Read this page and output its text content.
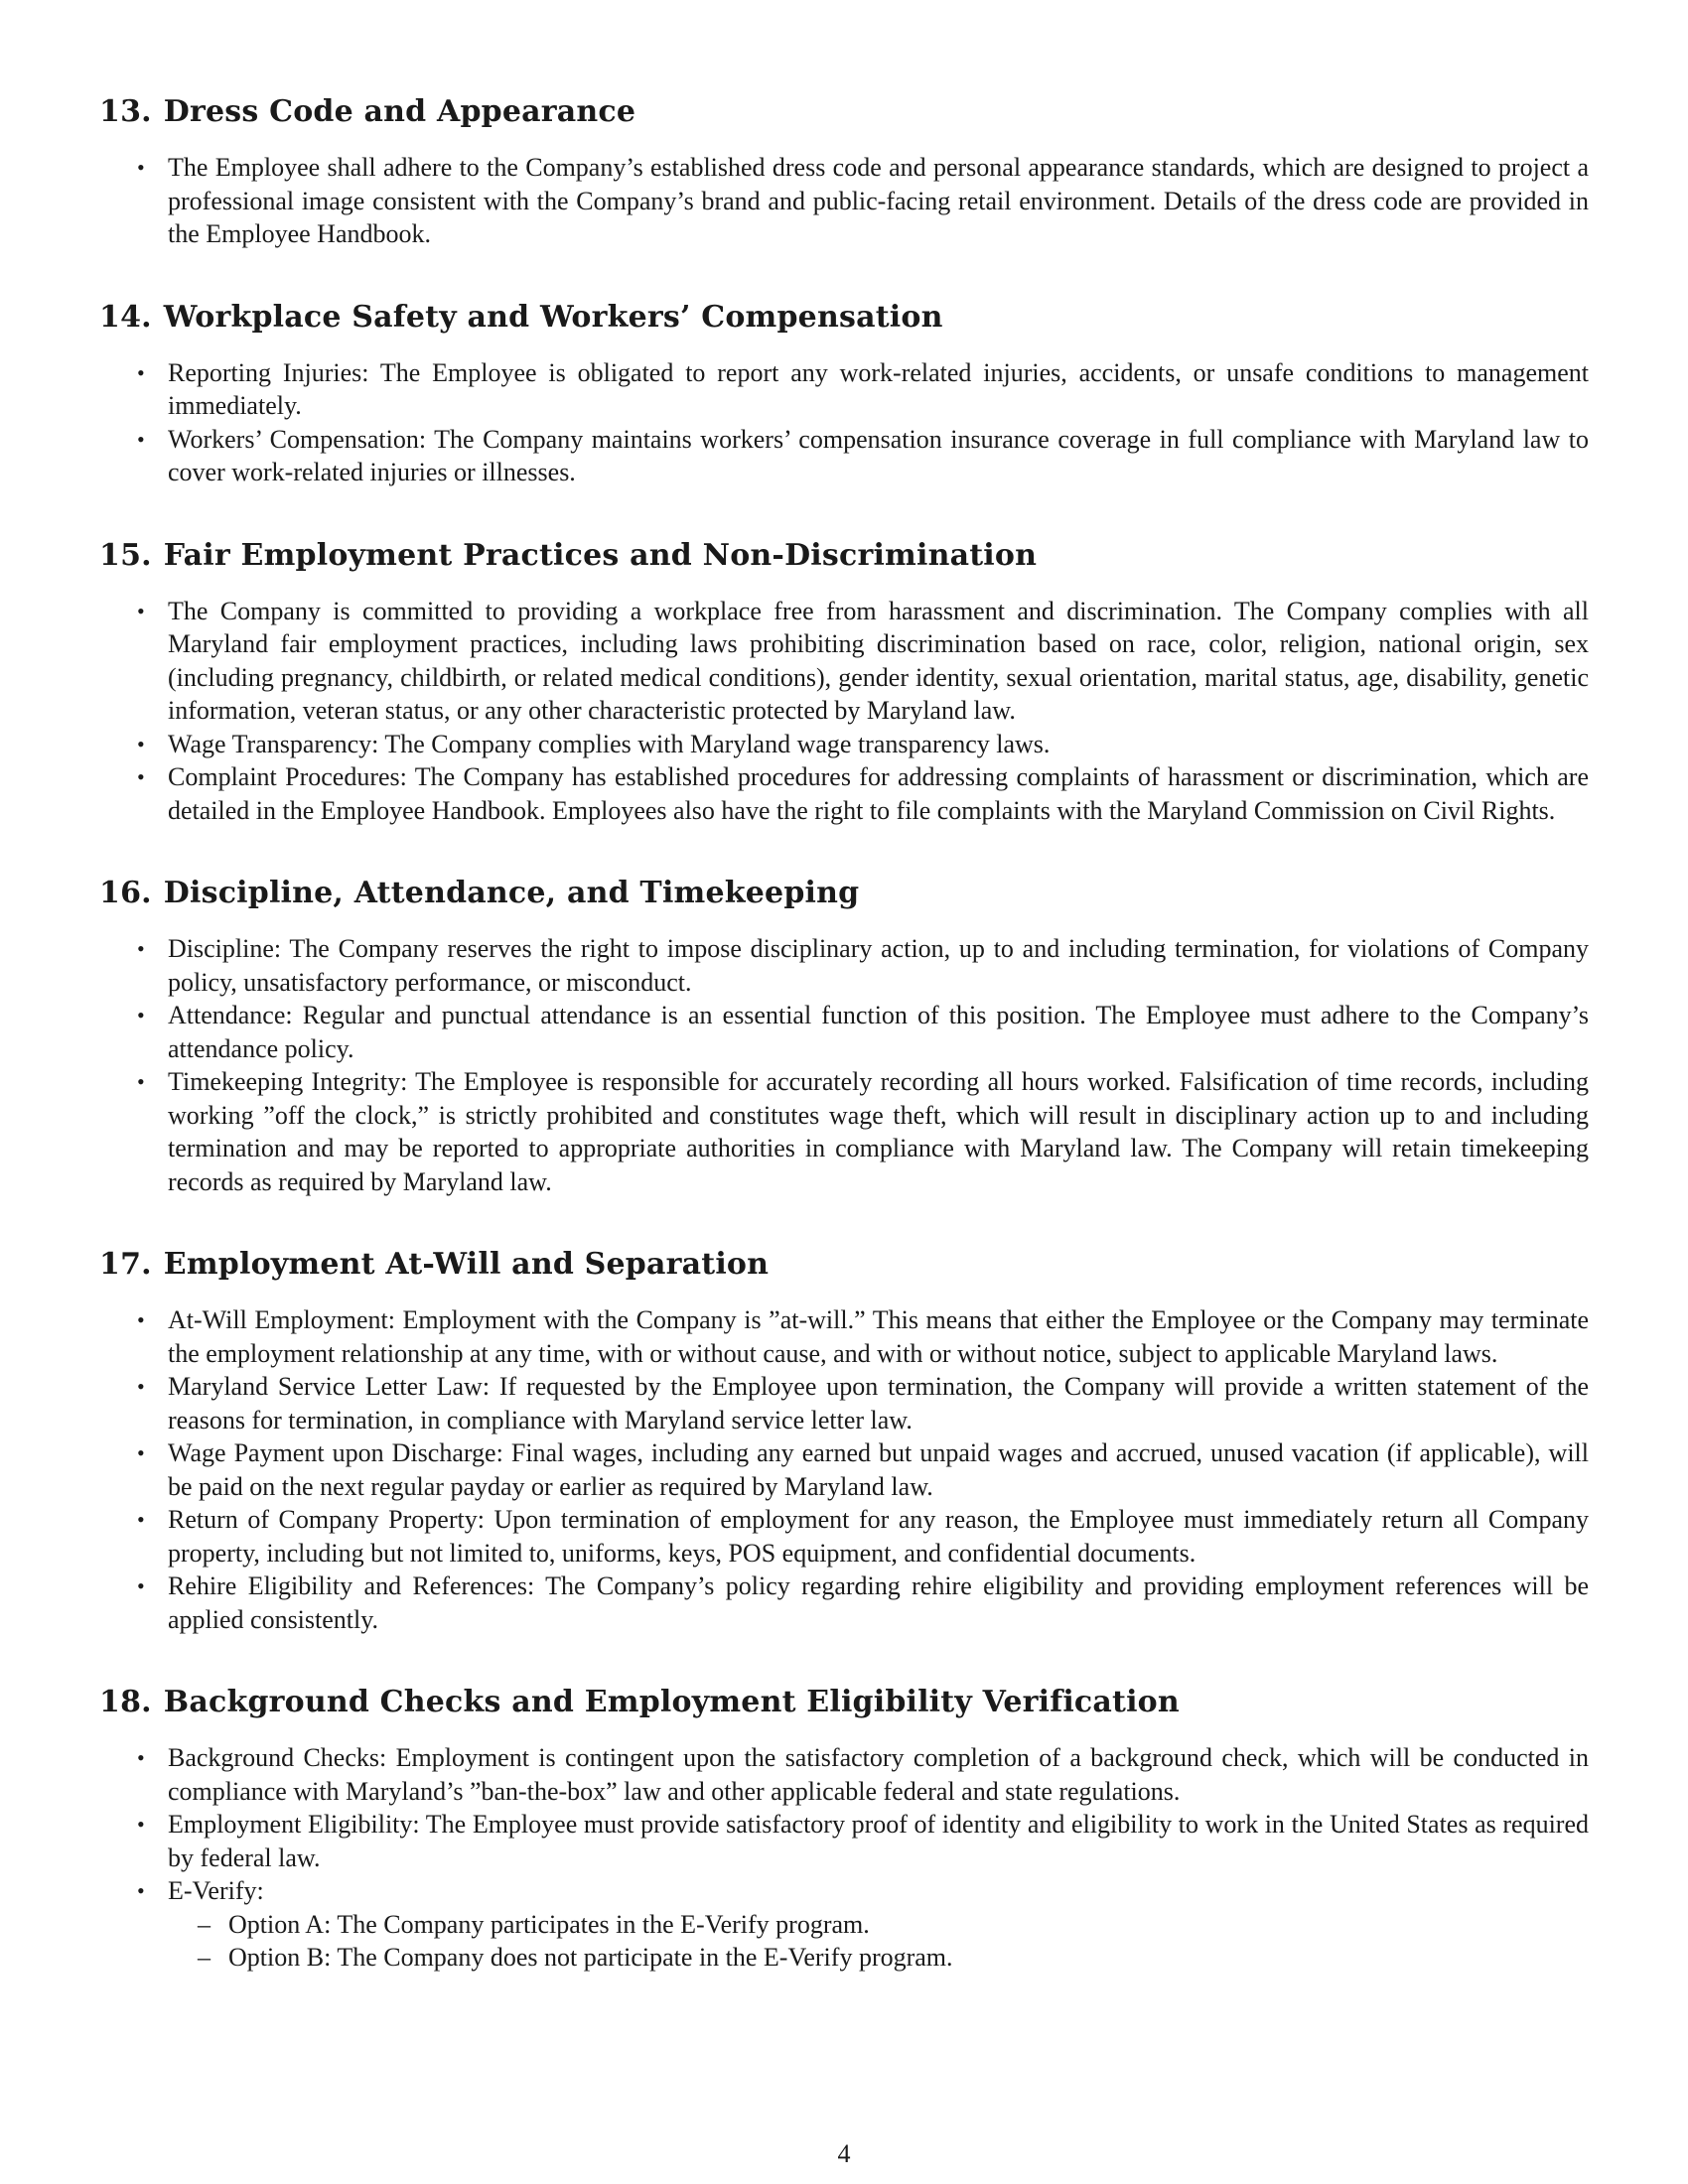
13. Dress Code and Appearance
• The Employee shall adhere to the Company’s established dress code and personal appearance standards, which are designed to project a professional image consistent with the Company’s brand and public-facing retail environment. Details of the dress code are provided in the Employee Handbook.
14. Workplace Safety and Workers’ Compensation
• Reporting Injuries: The Employee is obligated to report any work-related injuries, accidents, or unsafe conditions to management immediately.
• Workers’ Compensation: The Company maintains workers’ compensation insurance coverage in full compliance with Maryland law to cover work-related injuries or illnesses.
15. Fair Employment Practices and Non-Discrimination
• The Company is committed to providing a workplace free from harassment and discrimination. The Company complies with all Maryland fair employment practices, including laws prohibiting discrimination based on race, color, religion, national origin, sex (including pregnancy, childbirth, or related medical conditions), gender identity, sexual orientation, marital status, age, disability, genetic information, veteran status, or any other characteristic protected by Maryland law.
• Wage Transparency: The Company complies with Maryland wage transparency laws.
• Complaint Procedures: The Company has established procedures for addressing complaints of harassment or discrimination, which are detailed in the Employee Handbook. Employees also have the right to file complaints with the Maryland Commission on Civil Rights.
16. Discipline, Attendance, and Timekeeping
• Discipline: The Company reserves the right to impose disciplinary action, up to and including termination, for violations of Company policy, unsatisfactory performance, or misconduct.
• Attendance: Regular and punctual attendance is an essential function of this position. The Employee must adhere to the Company’s attendance policy.
• Timekeeping Integrity: The Employee is responsible for accurately recording all hours worked. Falsification of time records, including working ”off the clock,” is strictly prohibited and constitutes wage theft, which will result in disciplinary action up to and including termination and may be reported to appropriate authorities in compliance with Maryland law. The Company will retain timekeeping records as required by Maryland law.
17. Employment At-Will and Separation
• At-Will Employment: Employment with the Company is ”at-will.” This means that either the Employee or the Company may terminate the employment relationship at any time, with or without cause, and with or without notice, subject to applicable Maryland laws.
• Maryland Service Letter Law: If requested by the Employee upon termination, the Company will provide a written statement of the reasons for termination, in compliance with Maryland service letter law.
• Wage Payment upon Discharge: Final wages, including any earned but unpaid wages and accrued, unused vacation (if applicable), will be paid on the next regular payday or earlier as required by Maryland law.
• Return of Company Property: Upon termination of employment for any reason, the Employee must immediately return all Company property, including but not limited to, uniforms, keys, POS equipment, and confidential documents.
• Rehire Eligibility and References: The Company’s policy regarding rehire eligibility and providing employment references will be applied consistently.
18. Background Checks and Employment Eligibility Verification
• Background Checks: Employment is contingent upon the satisfactory completion of a background check, which will be conducted in compliance with Maryland’s ”ban-the-box” law and other applicable federal and state regulations.
• Employment Eligibility: The Employee must provide satisfactory proof of identity and eligibility to work in the United States as required by federal law.
• E-Verify:
– Option A: The Company participates in the E-Verify program.
– Option B: The Company does not participate in the E-Verify program.
4
